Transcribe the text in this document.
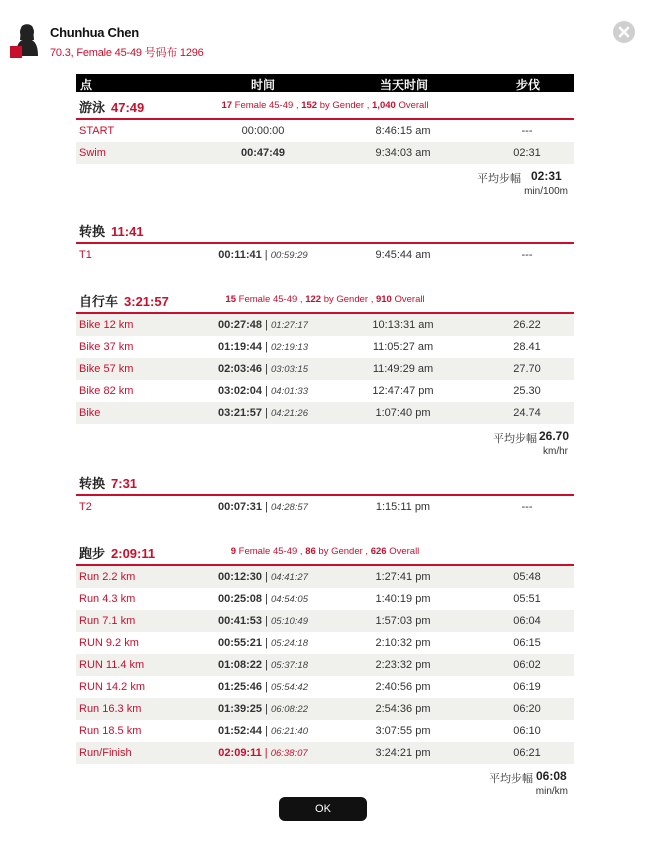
Chunhua Chen
70.3, Female 45-49 号码布 1296
点	时间	当天时间	步伐
游泳 47:49	17 Female 45-49 , 152 by Gender , 1,040 Overall
START	00:00:00	8:46:15 am	---
Swim	00:47:49	9:34:03 am	02:31
平均步幅 02:31
min/100m
转换 11:41
T1	00:11:41 | 00:59:29	9:45:44 am	---
自行车 3:21:57	15 Female 45-49 , 122 by Gender , 910 Overall
Bike 12 km	00:27:48 | 01:27:17	10:13:31 am	26.22
Bike 37 km	01:19:44 | 02:19:13	11:05:27 am	28.41
Bike 57 km	02:03:46 | 03:03:15	11:49:29 am	27.70
Bike 82 km	03:02:04 | 04:01:33	12:47:47 pm	25.30
Bike	03:21:57 | 04:21:26	1:07:40 pm	24.74
平均步幅 26.70
km/hr
转换 7:31
T2	00:07:31 | 04:28:57	1:15:11 pm	---
跑步 2:09:11	9 Female 45-49 , 86 by Gender , 626 Overall
Run 2.2 km	00:12:30 | 04:41:27	1:27:41 pm	05:48
Run 4.3 km	00:25:08 | 04:54:05	1:40:19 pm	05:51
Run 7.1 km	00:41:53 | 05:10:49	1:57:03 pm	06:04
RUN 9.2 km	00:55:21 | 05:24:18	2:10:32 pm	06:15
RUN 11.4 km	01:08:22 | 05:37:18	2:23:32 pm	06:02
RUN 14.2 km	01:25:46 | 05:54:42	2:40:56 pm	06:19
Run 16.3 km	01:39:25 | 06:08:22	2:54:36 pm	06:20
Run 18.5 km	01:52:44 | 06:21:40	3:07:55 pm	06:10
Run/Finish	02:09:11 | 06:38:07	3:24:21 pm	06:21
平均步幅 06:08
min/km
OK
